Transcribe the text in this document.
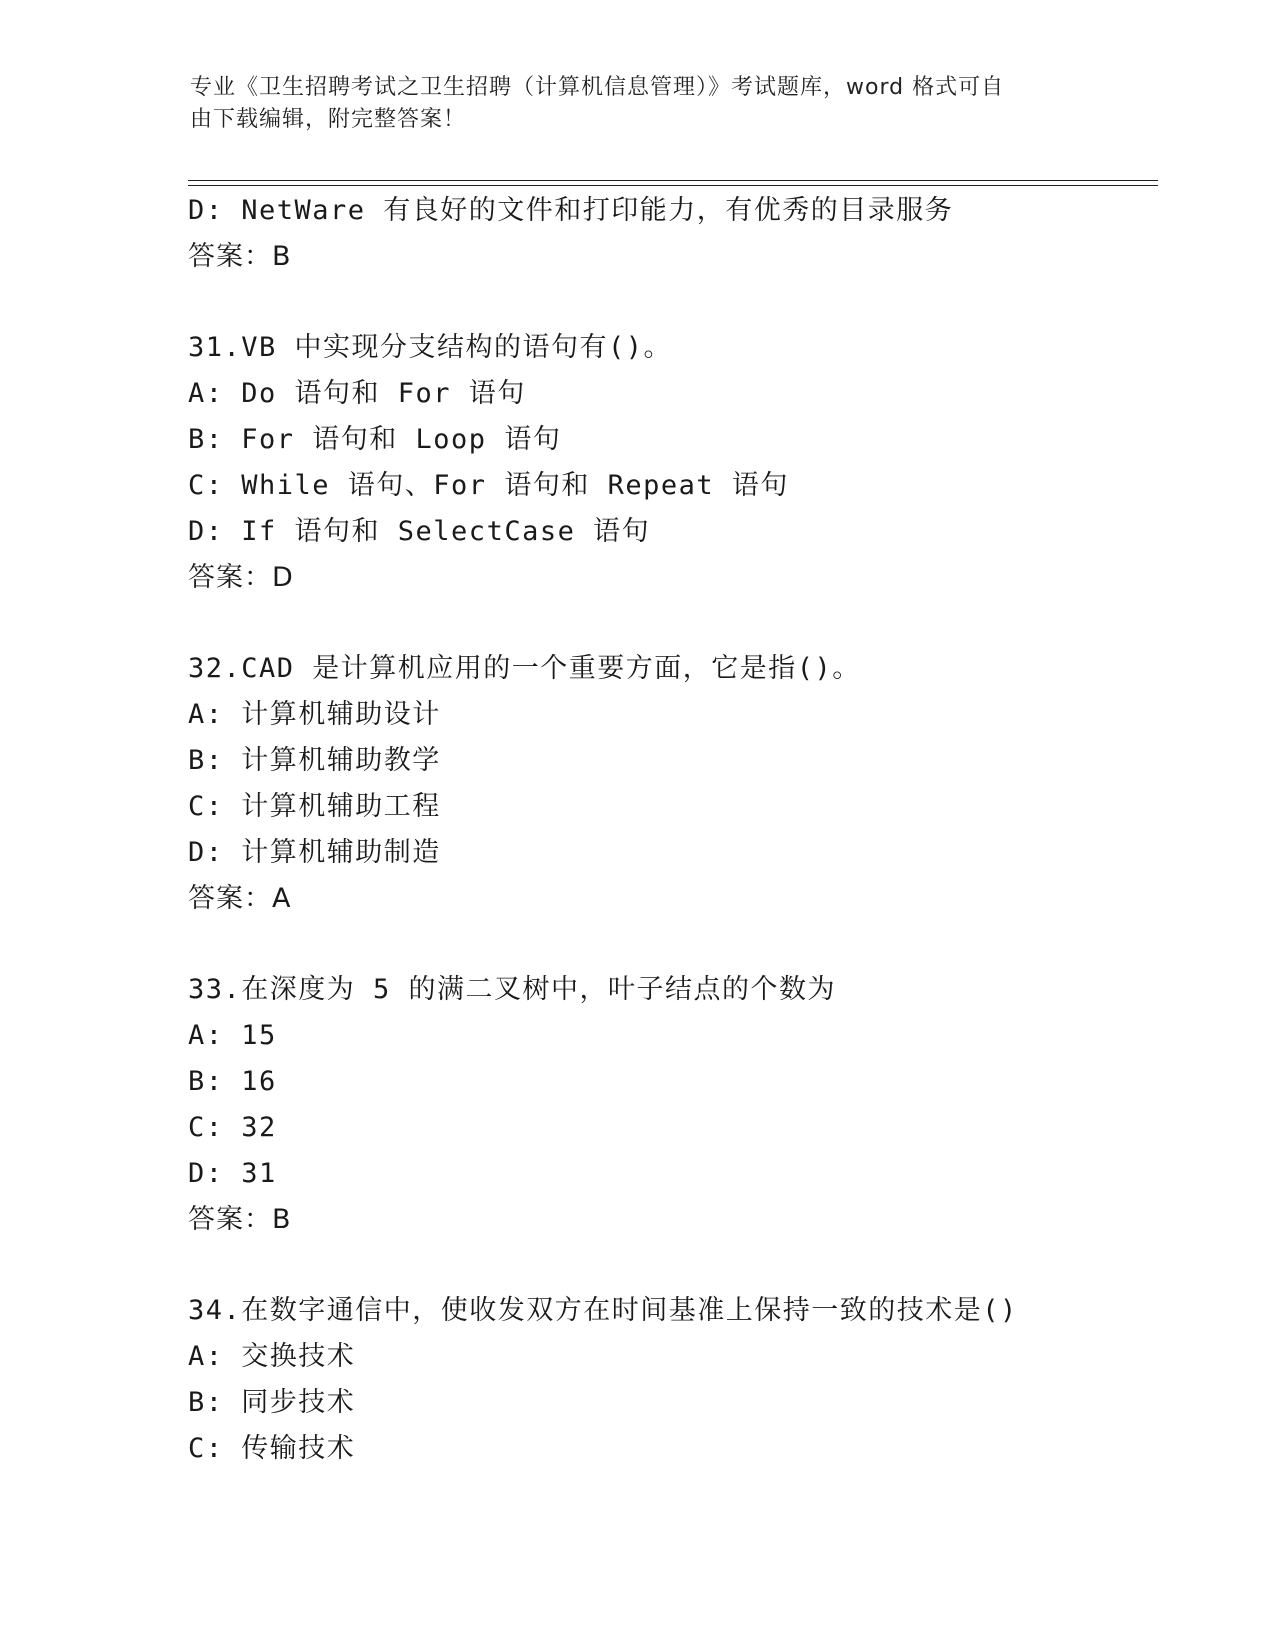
专业《卫生招聘考试之卫生招聘（计算机信息管理）》考试题库，word 格式可自
由下载编辑，附完整答案！
D: NetWare 有良好的文件和打印能力，有优秀的目录服务
答案：B
31.VB 中实现分支结构的语句有()。
A: Do 语句和 For 语句
B: For 语句和 Loop 语句
C: While 语句、For 语句和 Repeat 语句
D: If 语句和 SelectCase 语句
答案：D
32.CAD 是计算机应用的一个重要方面，它是指()。
A: 计算机辅助设计
B: 计算机辅助教学
C: 计算机辅助工程
D: 计算机辅助制造
答案：A
33.在深度为 5 的满二叉树中，叶子结点的个数为
A: 15
B: 16
C: 32
D: 31
答案：B
34.在数字通信中，使收发双方在时间基准上保持一致的技术是()
A: 交换技术
B: 同步技术
C: 传输技术
